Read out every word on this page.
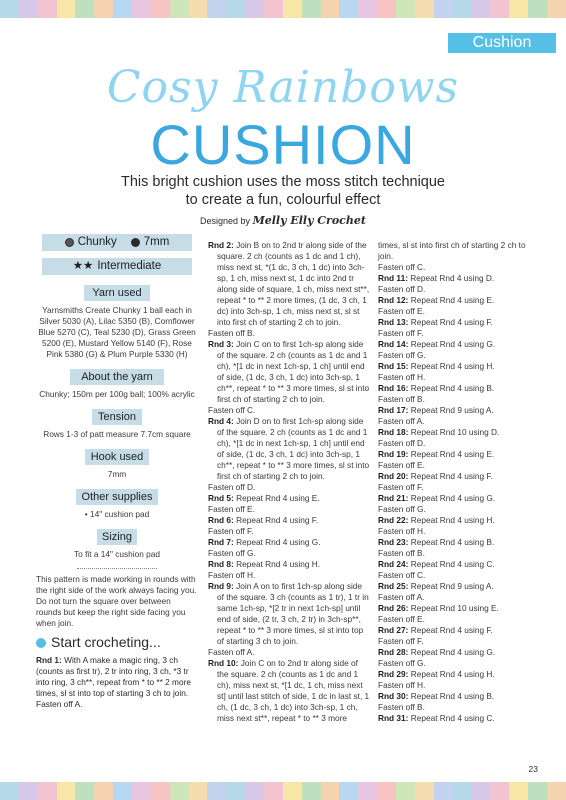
Cushion
Cosy Rainbows
CUSHION
This bright cushion uses the moss stitch technique
to create a fun, colourful effect
Designed by Melly Elly Crochet
Chunky 7mm
★★ Intermediate
Yarn used
Yarnsmiths Create Chunky 1 ball each in Silver 5030 (A), Lilac 5350 (B), Cornflower Blue 5270 (C), Teal 5230 (D), Grass Green 5200 (E), Mustard Yellow 5140 (F), Rose Pink 5380 (G) & Plum Purple 5330 (H)
About the yarn
Chunky; 150m per 100g ball; 100% acrylic
Tension
Rows 1-3 of patt measure 7.7cm square
Hook used
7mm
Other supplies
• 14" cushion pad
Sizing
To fit a 14" cushion pad
This pattern is made working in rounds with the right side of the work always facing you. Do not turn the square over between rounds but keep the right side facing you when join.
Start crocheting...

Rnd 1: With A make a magic ring, 3 ch (counts as first tr), 2 tr into ring, 3 ch, *3 tr into ring, 3 ch**, repeat from * to ** 2 more times, sl st into top of starting 3 ch to join.

Fasten off A.

Rnd 2: Join B on to 2nd tr along side of the square. 2 ch (counts as 1 dc and 1 ch), miss next st, *(1 dc, 3 ch, 1 dc) into 3ch-sp, 1 ch, miss next st, 1 dc into 2nd tr along side of square, 1 ch, miss next st**, repeat * to ** 2 more times, (1 dc, 3 ch, 1 dc) into 3ch-sp, 1 ch, miss next st, sl st into first ch of starting 2 ch to join.

Fasten off B.

Rnd 3: Join C on to first 1ch-sp along side of the square. 2 ch (counts as 1 dc and 1 ch), *[1 dc in next 1ch-sp, 1 ch] until end of side, (1 dc, 3 ch, 1 dc) into 3ch-sp, 1 ch**, repeat * to ** 3 more times, sl st into first ch of starting 2 ch to join.

Fasten off C.

Rnd 4: Join D on to first 1ch-sp along side of the square. 2 ch (counts as 1 dc and 1 ch), *[1 dc in next 1ch-sp, 1 ch] until end of side, (1 dc, 3 ch, 1 dc) into 3ch-sp, 1 ch**, repeat * to ** 3 more times, sl st into first ch of starting 2 ch to join.

Fasten off D.

Rnd 5: Repeat Rnd 4 using E.

Fasten off E.

Rnd 6: Repeat Rnd 4 using F.

Fasten off F.

Rnd 7: Repeat Rnd 4 using G.

Fasten off G.

Rnd 8: Repeat Rnd 4 using H.

Fasten off H.

Rnd 9: Join A on to first 1ch-sp along side of the square. 3 ch (counts as 1 tr), 1 tr in same 1ch-sp, *[2 tr in next 1ch-sp] until end of side, (2 tr, 3 ch, 2 tr) in 3ch-sp**, repeat * to ** 3 more times, sl st into top of starting 3 ch to join.

Fasten off A.

Rnd 10: Join C on to 2nd tr along side of the square. 2 ch (counts as 1 dc and 1 ch), miss next st, *[1 dc, 1 ch, miss next st] until last stitch of side, 1 dc in last st, 1 ch, (1 dc, 3 ch, 1 dc) into 3ch-sp, 1 ch, miss next st**, repeat * to ** 3 more

times, sl st into first ch of starting 2 ch to join.

Fasten off C.

Rnd 11: Repeat Rnd 4 using D.

Fasten off D.

Rnd 12: Repeat Rnd 4 using E.

Fasten off E.

Rnd 13: Repeat Rnd 4 using F.

Fasten off F.

Rnd 14: Repeat Rnd 4 using G.

Fasten off G.

Rnd 15: Repeat Rnd 4 using H.

Fasten off H.

Rnd 16: Repeat Rnd 4 using B.

Fasten off B.

Rnd 17: Repeat Rnd 9 using A.

Fasten off A.

Rnd 18: Repeat Rnd 10 using D.

Fasten off D.

Rnd 19: Repeat Rnd 4 using E.

Fasten off E.

Rnd 20: Repeat Rnd 4 using F.

Fasten off F.

Rnd 21: Repeat Rnd 4 using G.

Fasten off G.

Rnd 22: Repeat Rnd 4 using H.

Fasten off H.

Rnd 23: Repeat Rnd 4 using B.

Fasten off B.

Rnd 24: Repeat Rnd 4 using C.

Fasten off C.

Rnd 25: Repeat Rnd 9 using A.

Fasten off A.

Rnd 26: Repeat Rnd 10 using E.

Fasten off E.

Rnd 27: Repeat Rnd 4 using F.

Fasten off F.

Rnd 28: Repeat Rnd 4 using G.

Fasten off G.

Rnd 29: Repeat Rnd 4 using H.

Fasten off H.

Rnd 30: Repeat Rnd 4 using B.

Fasten off B.

Rnd 31: Repeat Rnd 4 using C.

23
